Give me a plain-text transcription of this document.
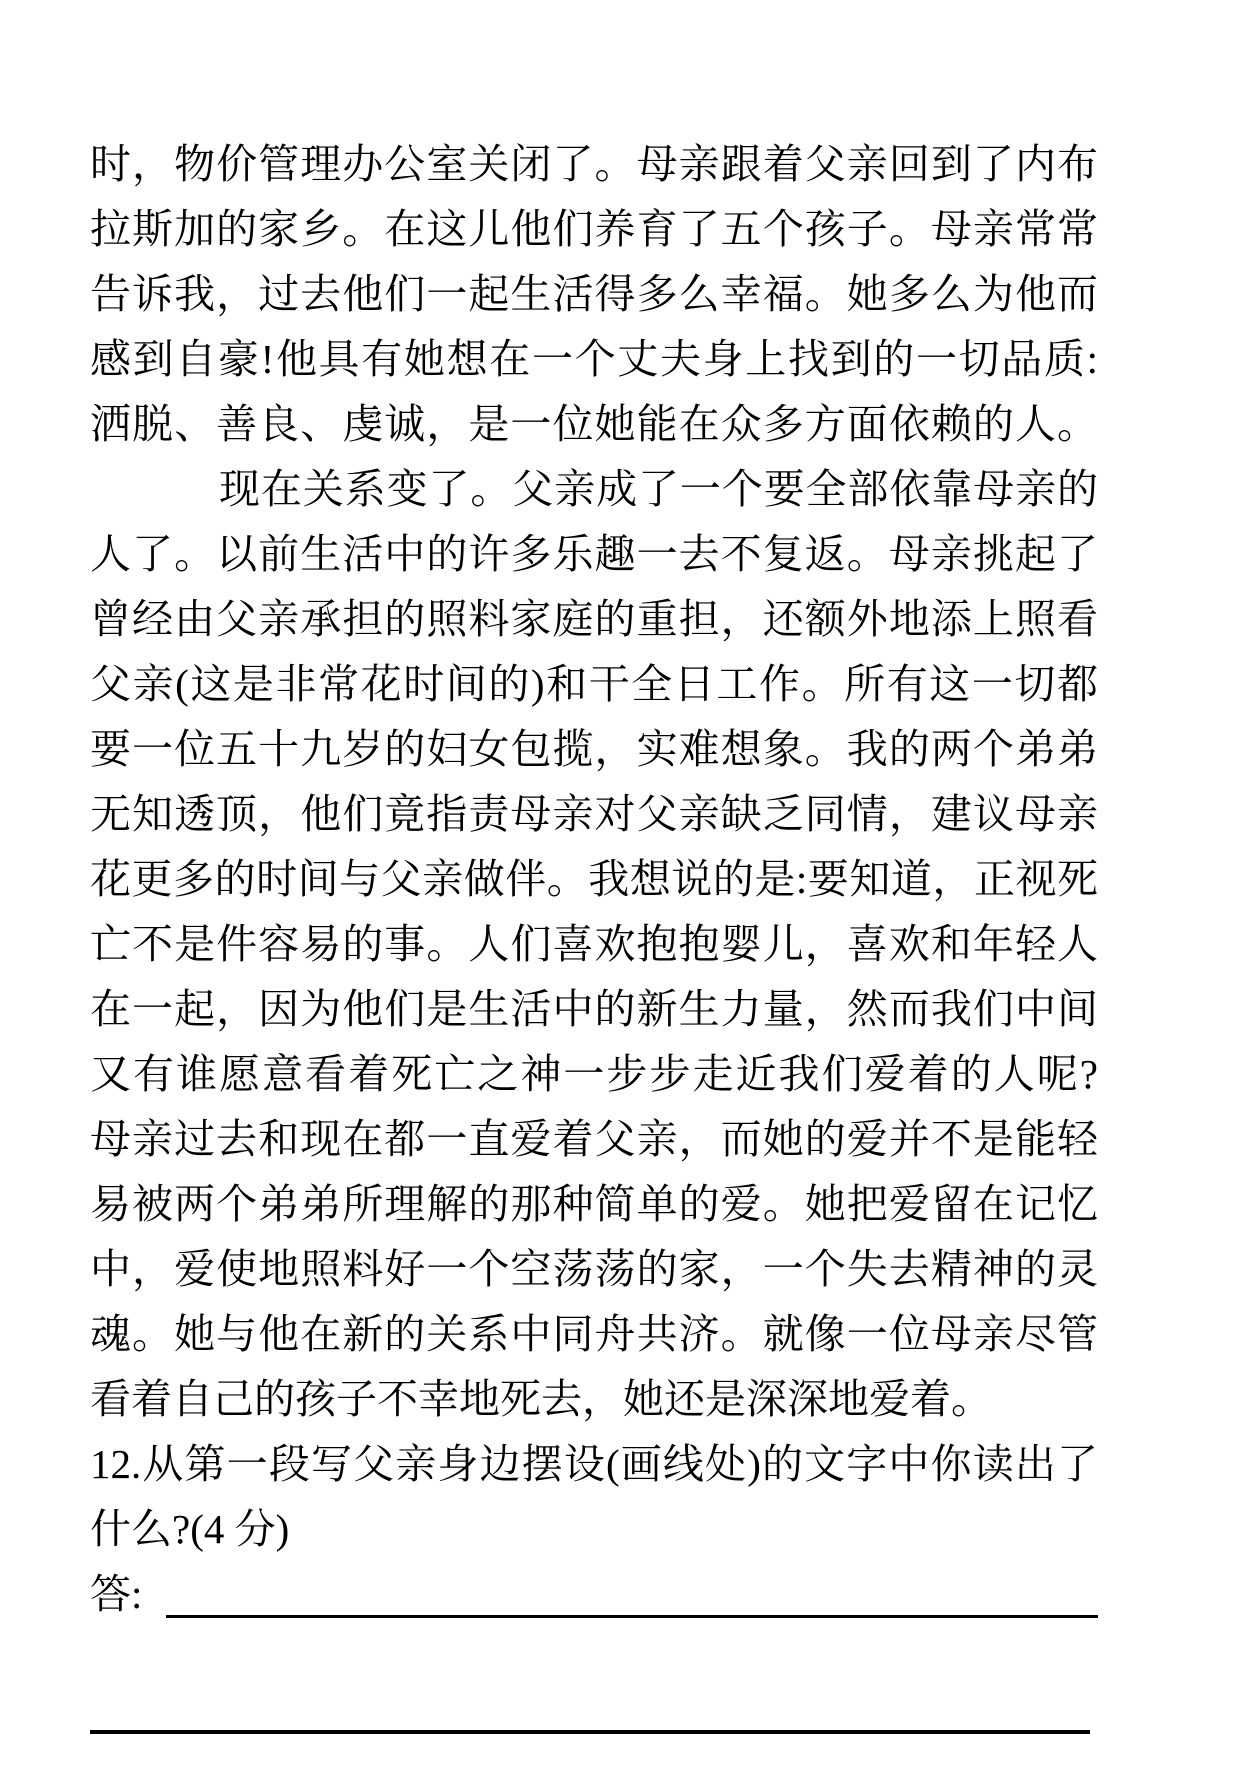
时，物价管理办公室关闭了。母亲跟着父亲回到了内布
拉斯加的家乡。在这儿他们养育了五个孩子。母亲常常
告诉我，过去他们一起生活得多么幸福。她多么为他而
感到自豪!他具有她想在一个丈夫身上找到的一切品质:
洒脱、善良、虔诚，是一位她能在众多方面依赖的人。
现在关系变了。父亲成了一个要全部依靠母亲的
人了。以前生活中的许多乐趣一去不复返。母亲挑起了
曾经由父亲承担的照料家庭的重担，还额外地添上照看
父亲(这是非常花时间的)和干全日工作。所有这一切都
要一位五十九岁的妇女包揽，实难想象。我的两个弟弟
无知透顶，他们竟指责母亲对父亲缺乏同情，建议母亲
花更多的时间与父亲做伴。我想说的是:要知道，正视死
亡不是件容易的事。人们喜欢抱抱婴儿，喜欢和年轻人
在一起，因为他们是生活中的新生力量，然而我们中间
又有谁愿意看着死亡之神一步步走近我们爱着的人呢?
母亲过去和现在都一直爱着父亲，而她的爱并不是能轻
易被两个弟弟所理解的那种简单的爱。她把爱留在记忆
中，爱使地照料好一个空荡荡的家，一个失去精神的灵
魂。她与他在新的关系中同舟共济。就像一位母亲尽管
看着自己的孩子不幸地死去，她还是深深地爱着。
12.从第一段写父亲身边摆设(画线处)的文字中你读出了
什么?(4 分)
答:
